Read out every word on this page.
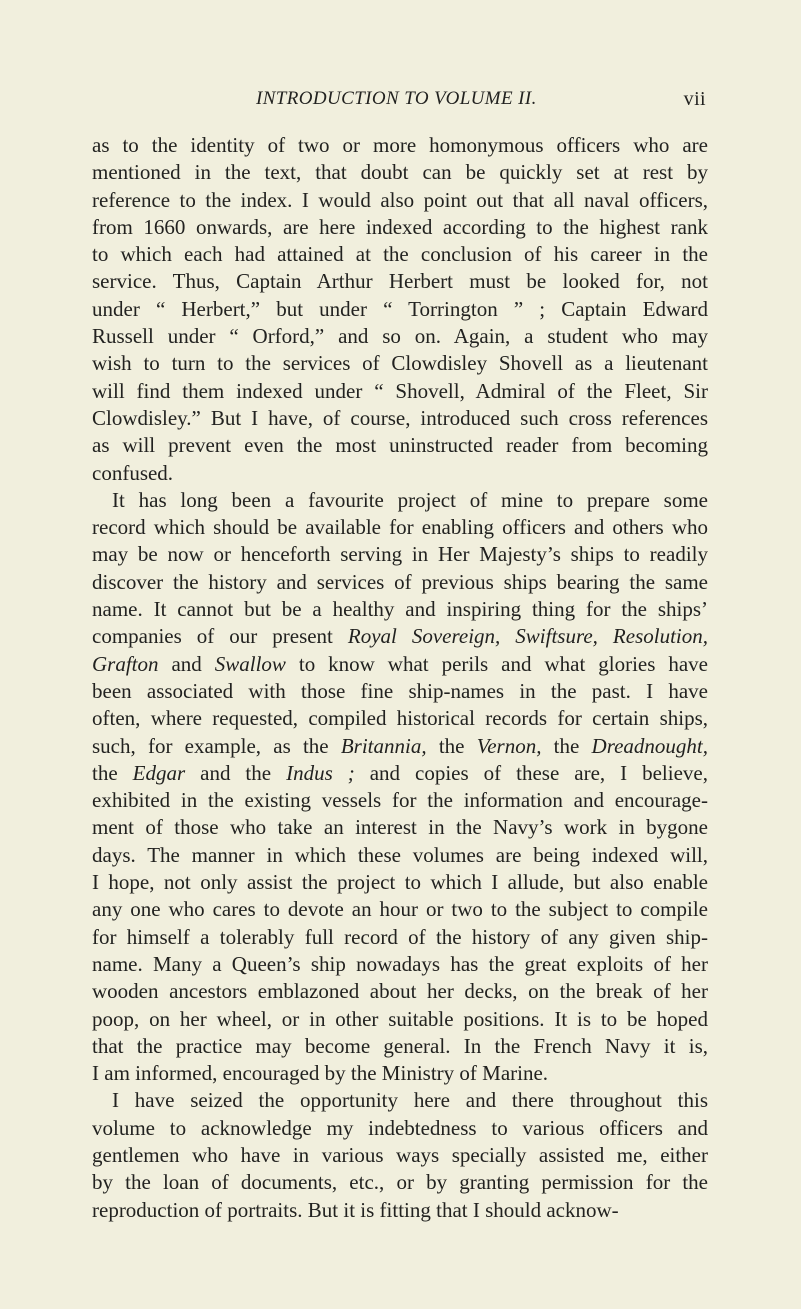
INTRODUCTION TO VOLUME II.	vii
as to the identity of two or more homonymous officers who are
mentioned in the text, that doubt can be quickly set at rest by
reference to the index. I would also point out that all naval officers,
from 1660 onwards, are here indexed according to the highest rank
to which each had attained at the conclusion of his career in the
service. Thus, Captain Arthur Herbert must be looked for, not
under “ Herbert,” but under “ Torrington ” ; Captain Edward
Russell under “ Orford,” and so on. Again, a student who may
wish to turn to the services of Clowdisley Shovell as a lieutenant
will find them indexed under “ Shovell, Admiral of the Fleet, Sir
Clowdisley.” But I have, of course, introduced such cross references
as will prevent even the most uninstructed reader from becoming
confused.
It has long been a favourite project of mine to prepare some
record which should be available for enabling officers and others who
may be now or henceforth serving in Her Majesty’s ships to readily
discover the history and services of previous ships bearing the same
name. It cannot but be a healthy and inspiring thing for the ships’
companies of our present Royal Sovereign, Swiftsure, Resolution,
Grafton and Swallow to know what perils and what glories have
been associated with those fine ship-names in the past. I have
often, where requested, compiled historical records for certain ships,
such, for example, as the Britannia, the Vernon, the Dreadnought,
the Edgar and the Indus ; and copies of these are, I believe,
exhibited in the existing vessels for the information and encourage-
ment of those who take an interest in the Navy’s work in bygone
days. The manner in which these volumes are being indexed will,
I hope, not only assist the project to which I allude, but also enable
any one who cares to devote an hour or two to the subject to compile
for himself a tolerably full record of the history of any given ship-
name. Many a Queen’s ship nowadays has the great exploits of her
wooden ancestors emblazoned about her decks, on the break of her
poop, on her wheel, or in other suitable positions. It is to be hoped
that the practice may become general. In the French Navy it is,
I am informed, encouraged by the Ministry of Marine.
I have seized the opportunity here and there throughout this
volume to acknowledge my indebtedness to various officers and
gentlemen who have in various ways specially assisted me, either
by the loan of documents, etc., or by granting permission for the
reproduction of portraits. But it is fitting that I should acknow-
